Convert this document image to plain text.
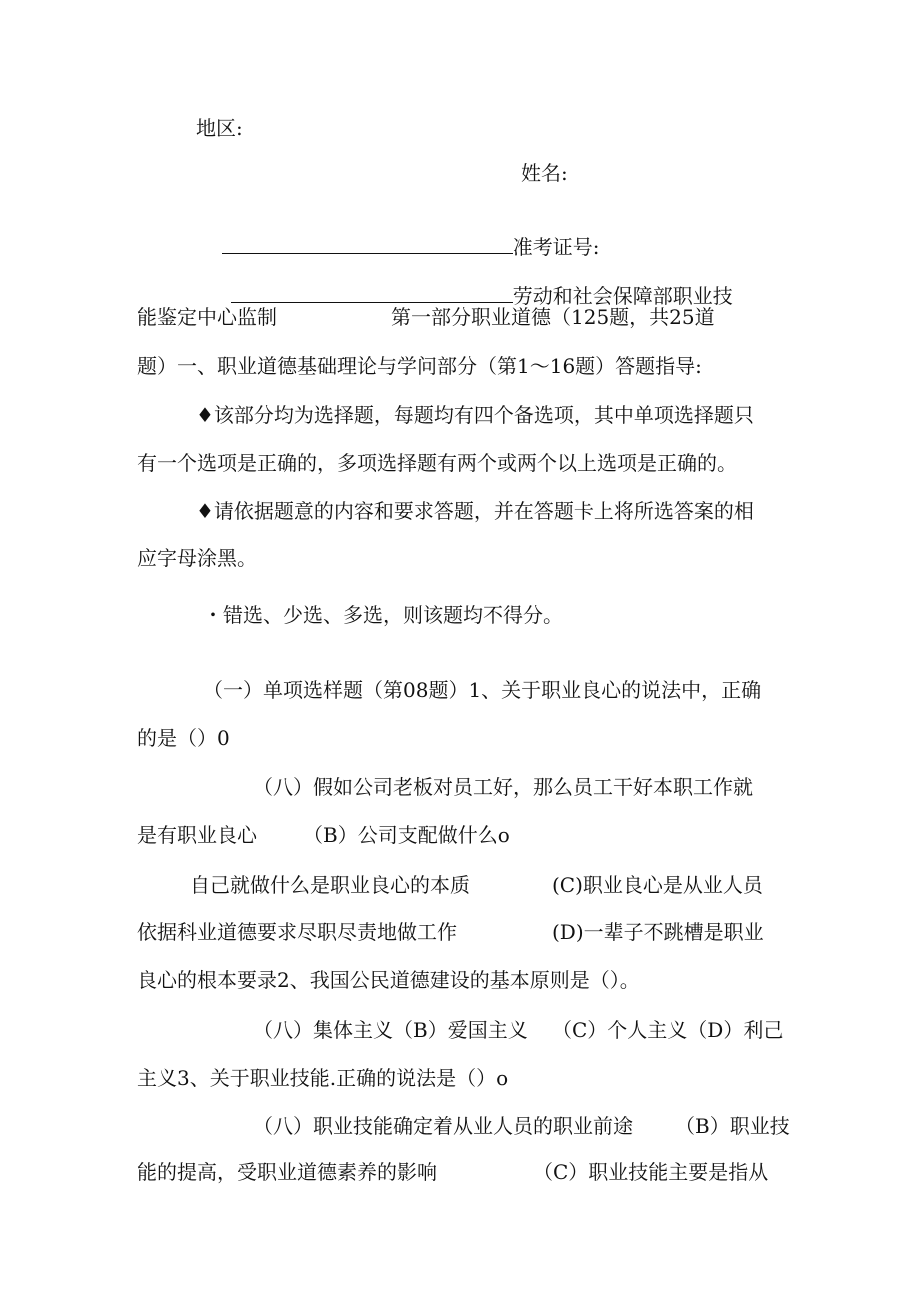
地区:
姓名:

准考证号:

劳动和社会保障部职业技

能鉴定中心监制	第一部分职业道德（125题，共25道
题）一、职业道德基础理论与学问部分（第1～16题）答题指导:
♦该部分均为选择题，每题均有四个备选项，其中单项选择题只
有一个选项是正确的，多项选择题有两个或两个以上选项是正确的。
♦请依据题意的内容和要求答题，并在答题卡上将所选答案的相
应字母涂黑。
・错选、少选、多选，则该题均不得分。
（一）单项选样题（第08题）1、关于职业良心的说法中，正确
的是（）0
（八）假如公司老板对员工好，那么员工干好本职工作就
是有职业良心 （B）公司支配做什么o
自己就做什么是职业良心的本质	(C)职业良心是从业人员
依据科业道德要求尽职尽责地做工作	(D)一辈子不跳槽是职业
良心的根本要录2、我国公民道德建设的基本原则是（）。
（八）集体主义（B）爱国主义 （C）个人主义（D）利己
主义3、关于职业技能.正确的说法是（）o
（八）职业技能确定着从业人员的职业前途 （B）职业技
能的提高，受职业道德素养的影响	（C）职业技能主要是指从
